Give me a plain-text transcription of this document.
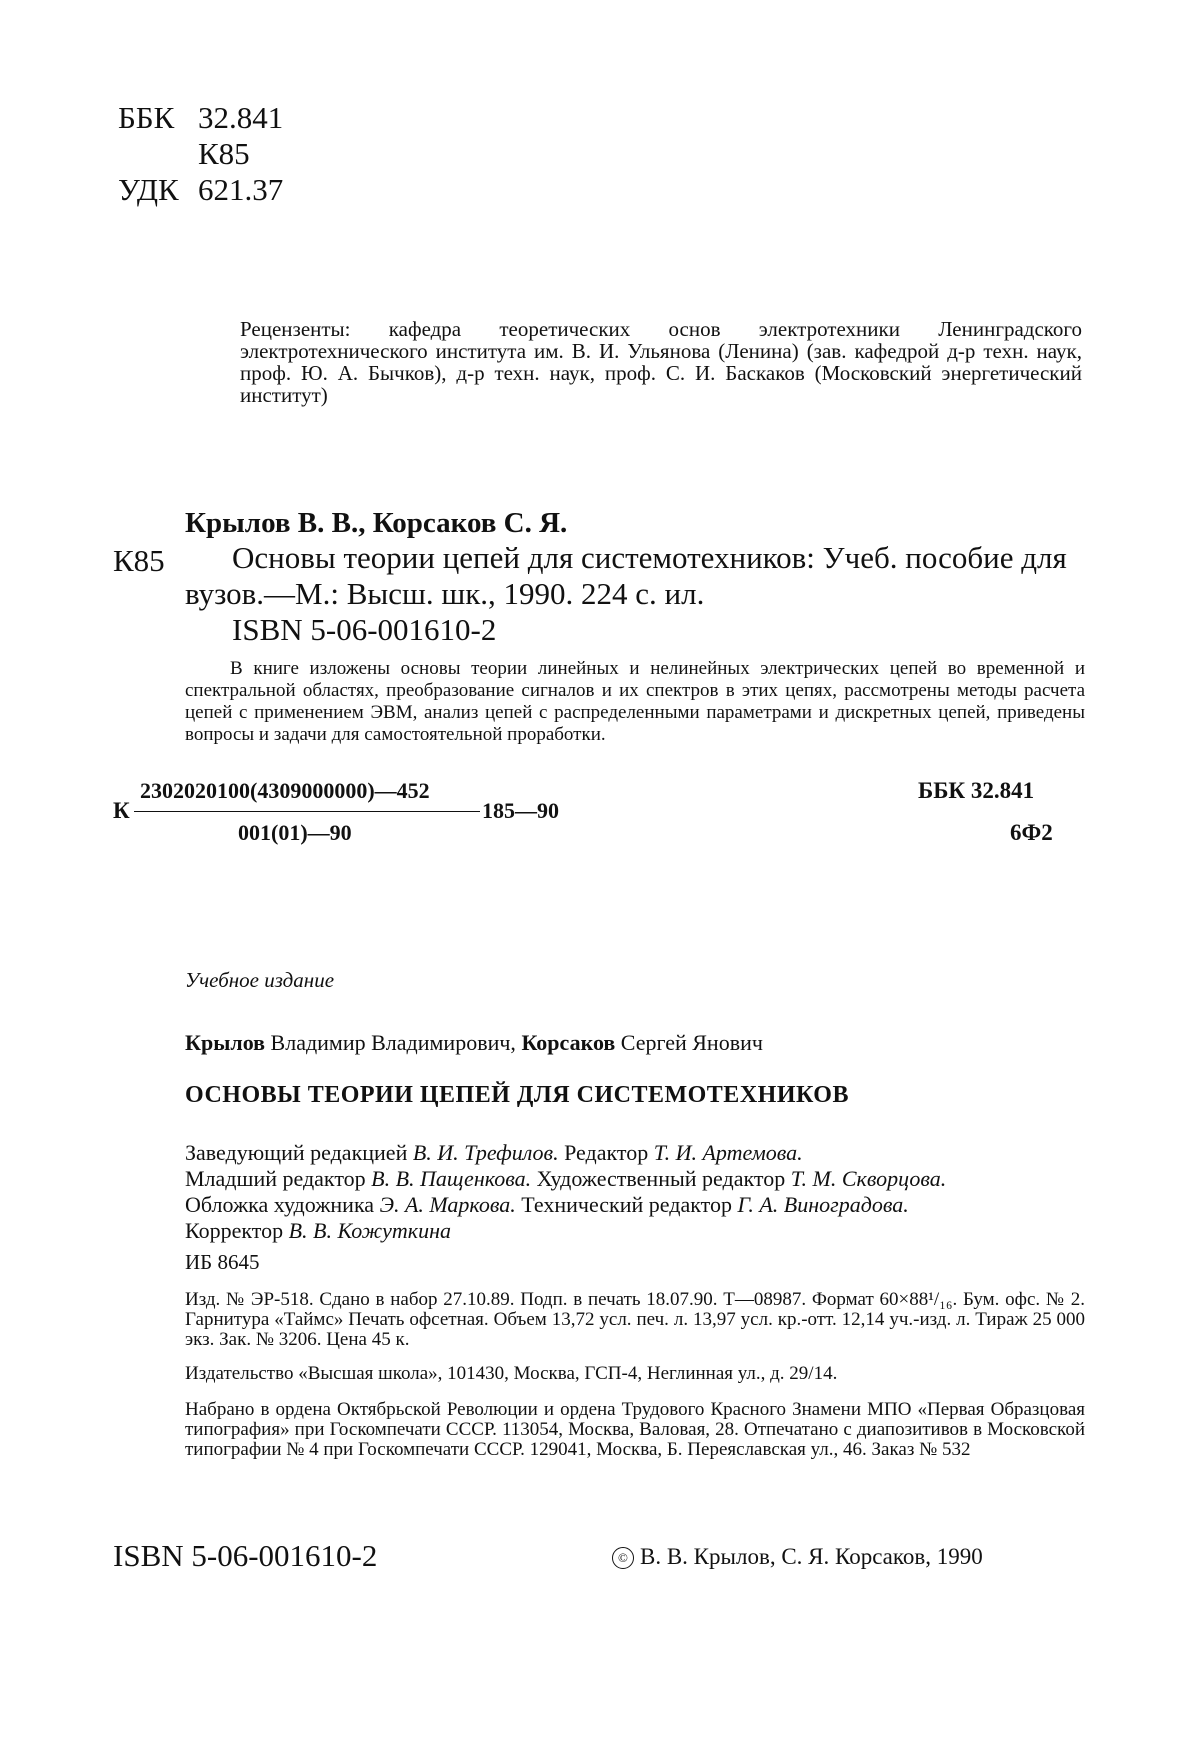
ББК 32.841
К85
УДК 621.37
Рецензенты: кафедра теоретических основ электротехники Ленинградского электротехнического института им. В. И. Ульянова (Ленина) (зав. кафедрой д-р техн. наук, проф. Ю. А. Бычков), д-р техн. наук, проф. С. И. Баскаков (Московский энергетический институт)
Крылов В. В., Корсаков С. Я.
К85	Основы теории цепей для системотехников: Учеб. пособие для вузов.—М.: Высш. шк., 1990. 224 с. ил.
ISBN 5-06-001610-2
В книге изложены основы теории линейных и нелинейных электрических цепей во временной и спектральной областях, преобразование сигналов и их спектров в этих цепях, рассмотрены методы расчета цепей с применением ЭВМ, анализ цепей с распределенными параметрами и дискретных цепей, приведены вопросы и задачи для самостоятельной проработки.
К
2302020100(4309000000)—452
185—90
001(01)—90
ББК 32.841
6Ф2
Учебное издание
Крылов Владимир Владимирович, Корсаков Сергей Янович
ОСНОВЫ ТЕОРИИ ЦЕПЕЙ ДЛЯ СИСТЕМОТЕХНИКОВ
Заведующий редакцией В. И. Трефилов. Редактор Т. И. Артемова.
Младший редактор В. В. Пащенкова. Художественный редактор Т. М. Скворцова.
Обложка художника Э. А. Маркова. Технический редактор Г. А. Виноградова.
Корректор В. В. Кожуткина
ИБ 8645
Изд. № ЭР-518. Сдано в набор 27.10.89. Подп. в печать 18.07.90. Т—08987. Формат 60×88¹/₁₆. Бум. офс. № 2. Гарнитура «Таймс» Печать офсетная. Объем 13,72 усл. печ. л. 13,97 усл. кр.-отт. 12,14 уч.-изд. л. Тираж 25 000 экз. Зак. № 3206. Цена 45 к.
Издательство «Высшая школа», 101430, Москва, ГСП-4, Неглинная ул., д. 29/14.
Набрано в ордена Октябрьской Революции и ордена Трудового Красного Знамени МПО «Первая Образцовая типография» при Госкомпечати СССР. 113054, Москва, Валовая, 28. Отпечатано с диапозитивов в Московской типографии № 4 при Госкомпечати СССР. 129041, Москва, Б. Переяславская ул., 46. Заказ № 532
ISBN 5-06-001610-2	© В. В. Крылов, С. Я. Корсаков, 1990
